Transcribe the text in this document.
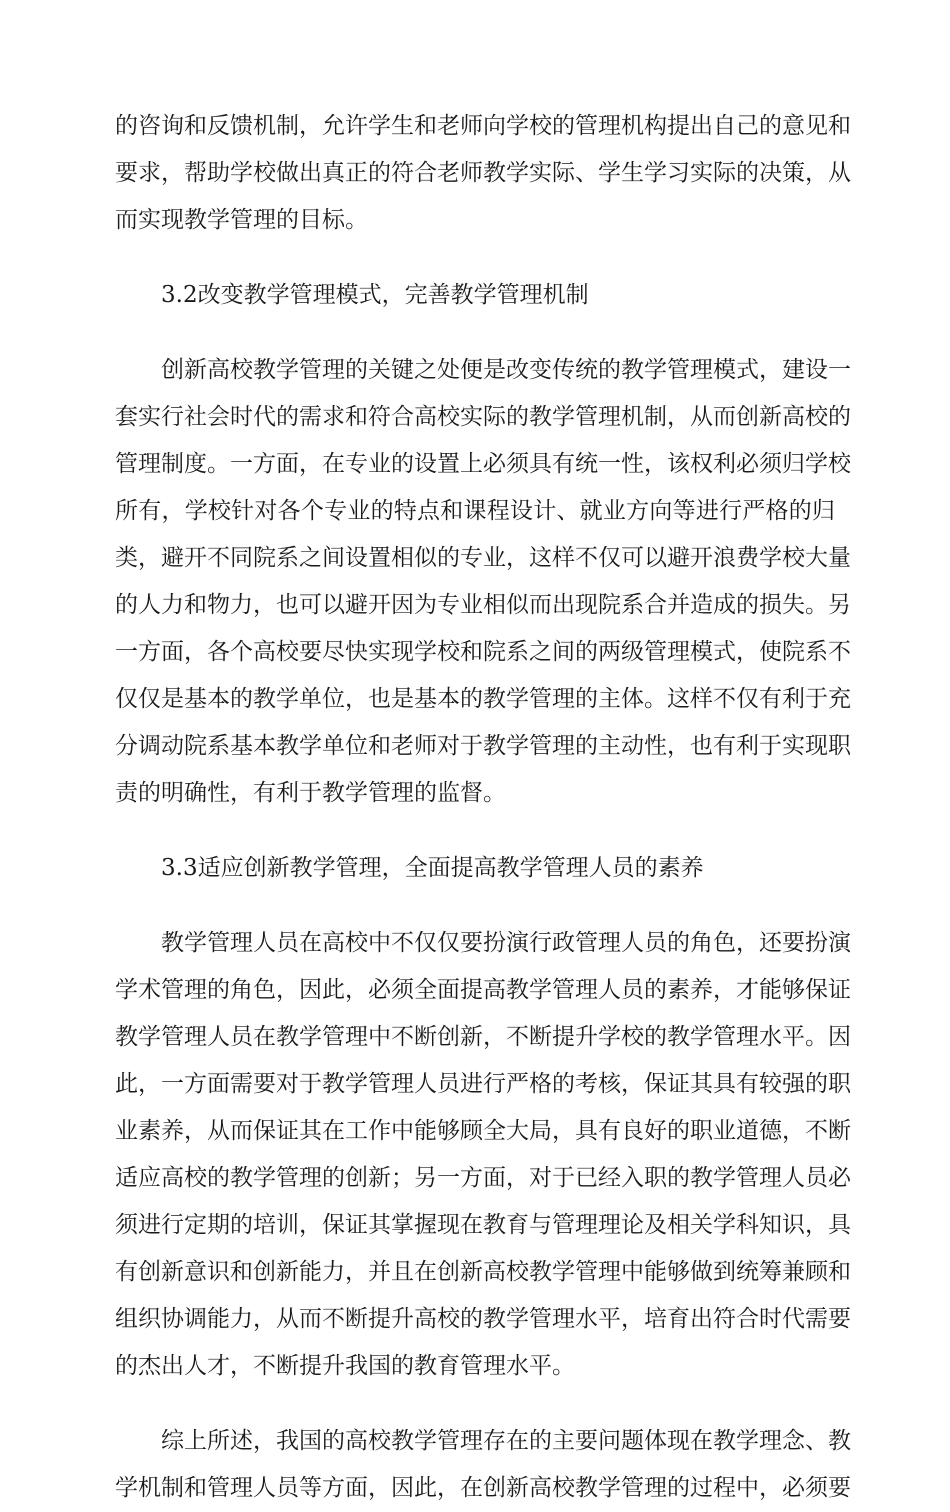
的咨询和反馈机制，允许学生和老师向学校的管理机构提出自己的意见和
要求，帮助学校做出真正的符合老师教学实际、学生学习实际的决策，从
而实现教学管理的目标。
3.2改变教学管理模式，完善教学管理机制
创新高校教学管理的关键之处便是改变传统的教学管理模式，建设一
套实行社会时代的需求和符合高校实际的教学管理机制，从而创新高校的
管理制度。一方面，在专业的设置上必须具有统一性，该权利必须归学校
所有，学校针对各个专业的特点和课程设计、就业方向等进行严格的归
类，避开不同院系之间设置相似的专业，这样不仅可以避开浪费学校大量
的人力和物力，也可以避开因为专业相似而出现院系合并造成的损失。另
一方面，各个高校要尽快实现学校和院系之间的两级管理模式，使院系不
仅仅是基本的教学单位，也是基本的教学管理的主体。这样不仅有利于充
分调动院系基本教学单位和老师对于教学管理的主动性，也有利于实现职
责的明确性，有利于教学管理的监督。
3.3适应创新教学管理，全面提高教学管理人员的素养
教学管理人员在高校中不仅仅要扮演行政管理人员的角色，还要扮演
学术管理的角色，因此，必须全面提高教学管理人员的素养，才能够保证
教学管理人员在教学管理中不断创新，不断提升学校的教学管理水平。因
此，一方面需要对于教学管理人员进行严格的考核，保证其具有较强的职
业素养，从而保证其在工作中能够顾全大局，具有良好的职业道德，不断
适应高校的教学管理的创新；另一方面，对于已经入职的教学管理人员必
须进行定期的培训，保证其掌握现在教育与管理理论及相关学科知识，具
有创新意识和创新能力，并且在创新高校教学管理中能够做到统筹兼顾和
组织协调能力，从而不断提升高校的教学管理水平，培育出符合时代需要
的杰出人才，不断提升我国的教育管理水平。
综上所述，我国的高校教学管理存在的主要问题体现在教学理念、教
学机制和管理人员等方面，因此，在创新高校教学管理的过程中，必须要
